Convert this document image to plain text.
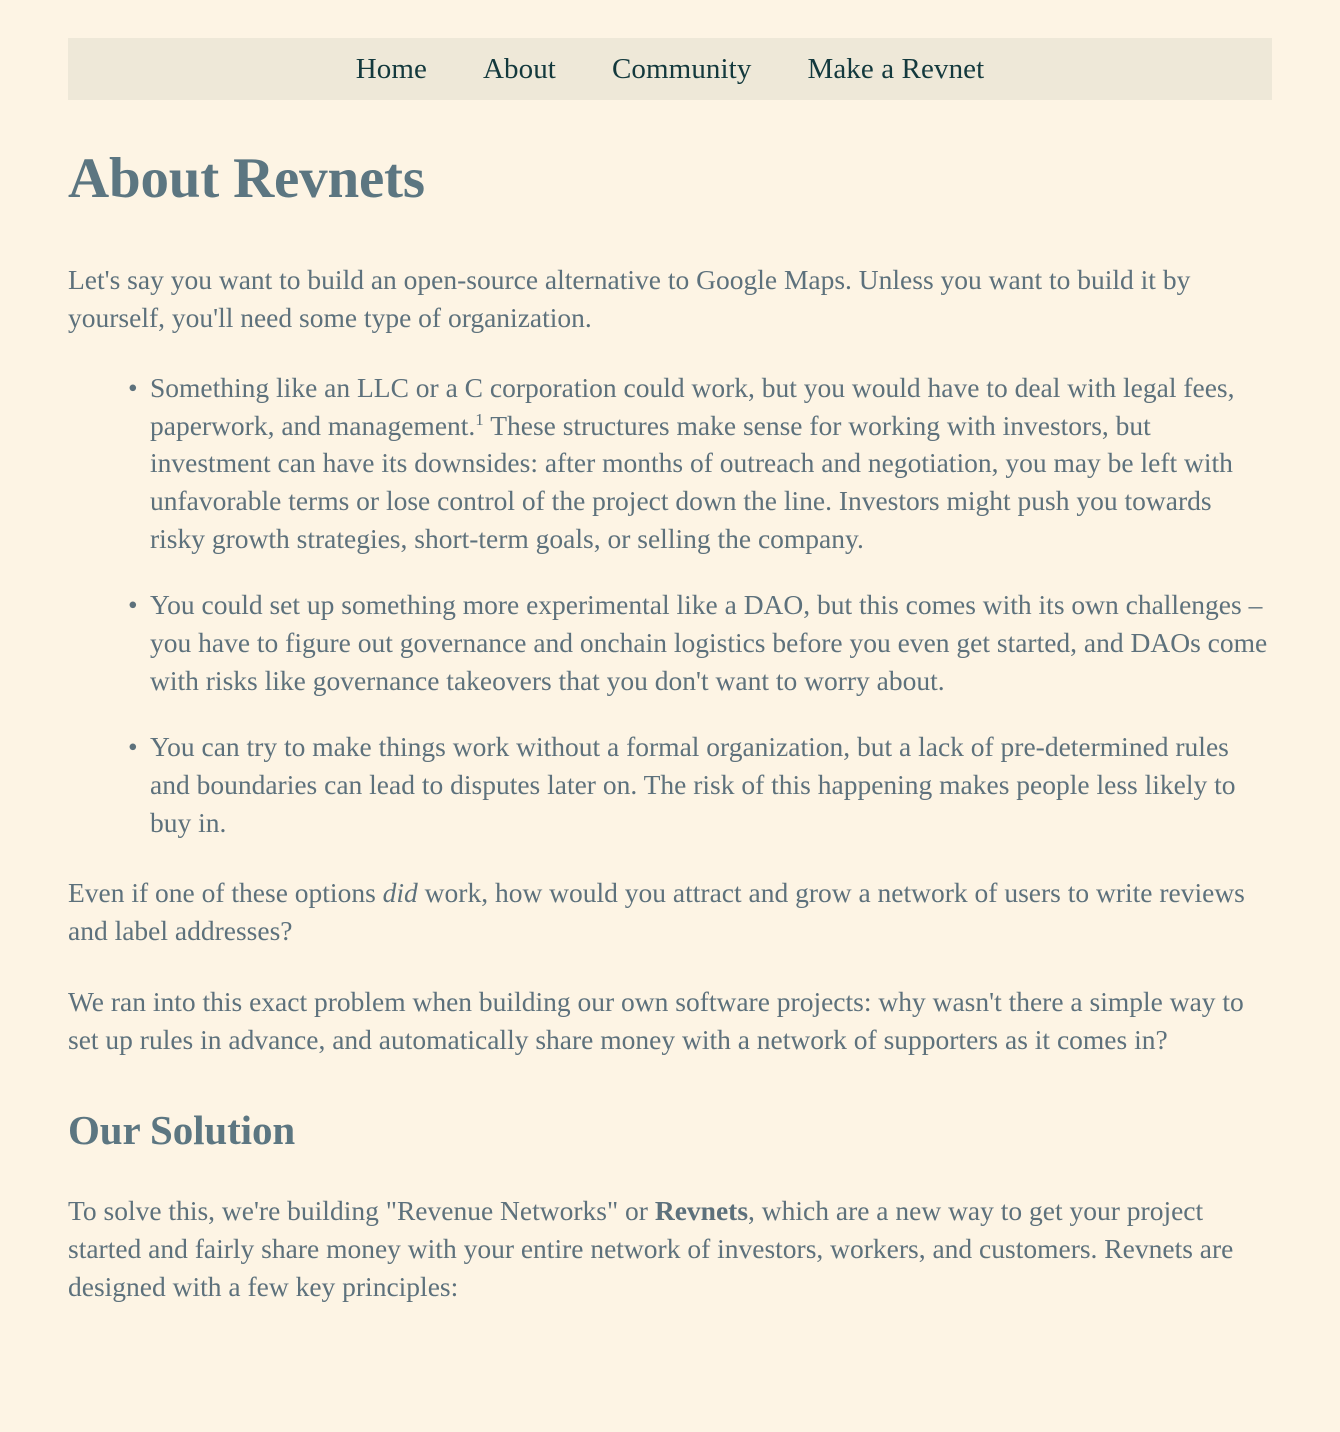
Home	About	Community	Make a Revnet
About Revnets

Let's say you want to build an open-source alternative to Google Maps. Unless you want to build it by yourself, you'll need some type of organization.

• Something like an LLC or a C corporation could work, but you would have to deal with legal fees, paperwork, and management.$^1$ These structures make sense for working with investors, but investment can have its downsides: after months of outreach and negotiation, you may be left with unfavorable terms or lose control of the project down the line. Investors might push you towards risky growth strategies, short-term goals, or selling the company.
• You could set up something more experimental like a DAO, but this comes with its own challenges – you have to figure out governance and onchain logistics before you even get started, and DAOs come with risks like governance takeovers that you don't want to worry about.
• You can try to make things work without a formal organization, but a lack of pre-determined rules and boundaries can lead to disputes later on. The risk of this happening makes people less likely to buy in.

Even if one of these options did work, how would you attract and grow a network of users to write reviews and label addresses?

We ran into this exact problem when building our own software projects: why wasn't there a simple way to set up rules in advance, and automatically share money with a network of supporters as it comes in?

Our Solution

To solve this, we're building "Revenue Networks" or Revnets, which are a new way to get your project started and fairly share money with your entire network of investors, workers, and customers. Revnets are designed with a few key principles:
